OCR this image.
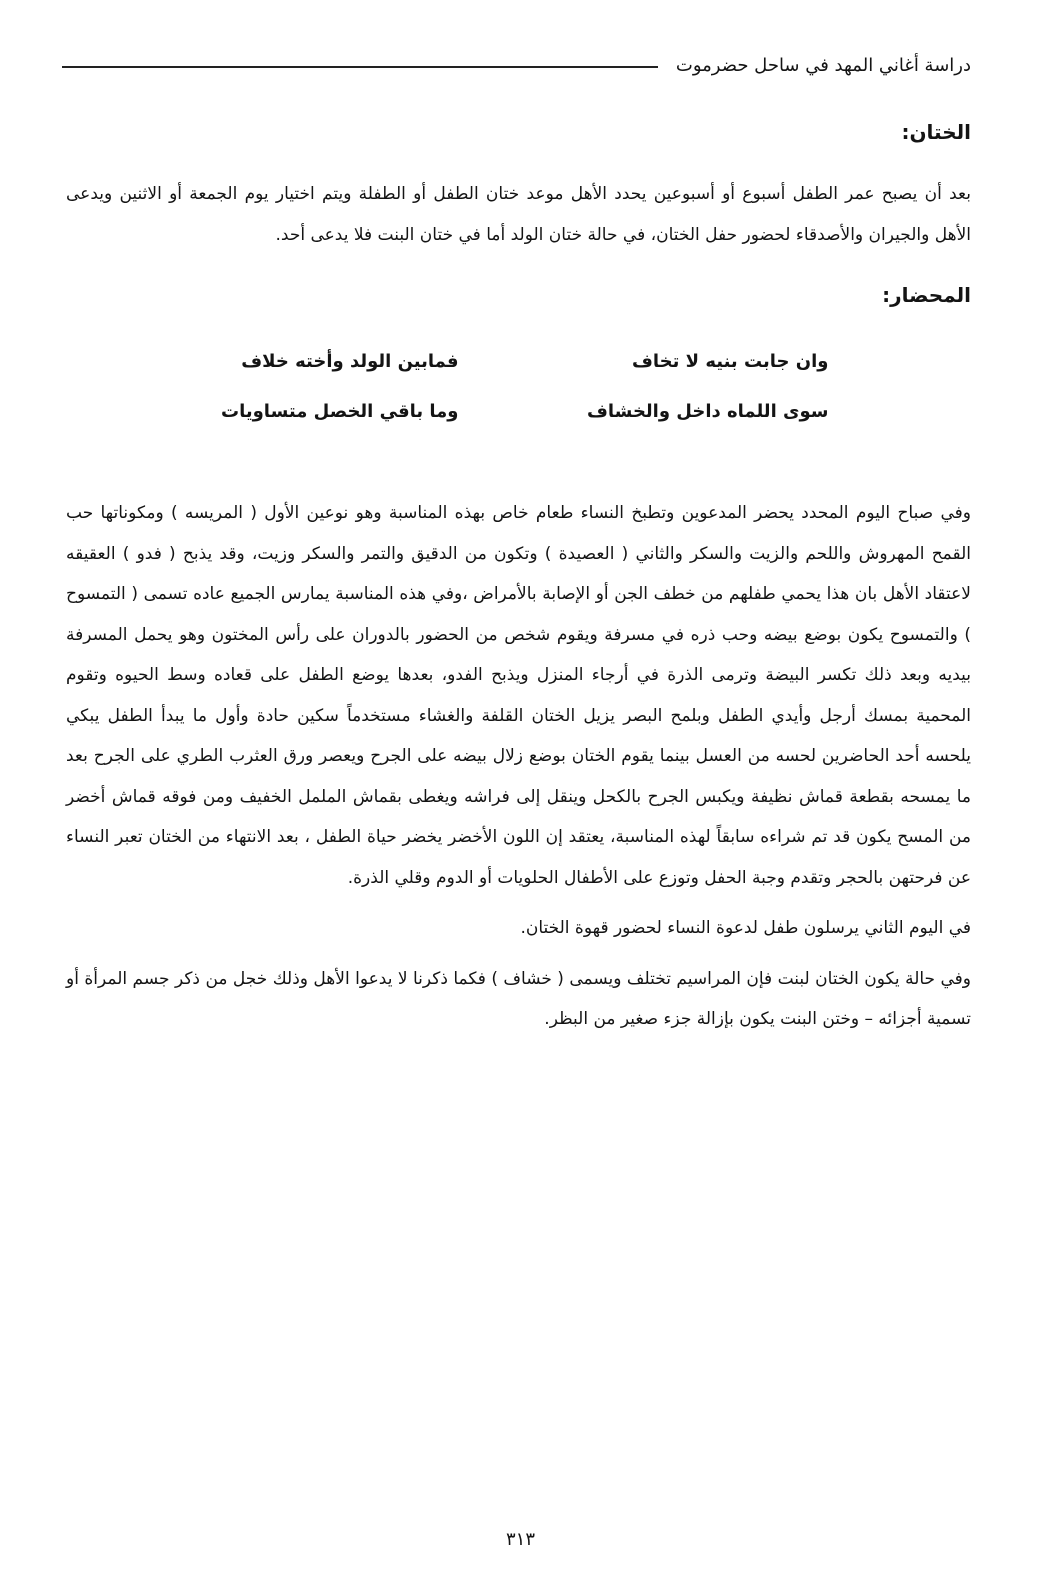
دراسة أغاني المهد في ساحل حضرموت
الختان:

بعد أن يصبح عمر الطفل أسبوع أو أسبوعين يحدد الأهل موعد ختان الطفل أو الطفلة ويتم اختيار يوم الجمعة أو الاثنين ويدعى الأهل والجيران والأصدقاء لحضور حفل الختان، في حالة ختان الولد أما في ختان البنت فلا يدعى أحد.

المحضار:
وان جابت بنيه لا تخاف
فمابين الولد وأخته خلاف
سوى اللماه داخل والخشاف
وما باقي الخصل متساويات

وفي صباح اليوم المحدد يحضر المدعوين وتطبخ النساء طعام خاص بهذه المناسبة وهو نوعين الأول ( المريسه ) ومكوناتها حب القمح المهروش واللحم والزيت والسكر والثاني ( العصيدة ) وتكون من الدقيق والتمر والسكر وزيت، وقد يذبح ( فدو ) العقيقه لاعتقاد الأهل بان هذا يحمي طفلهم من خطف الجن أو الإصابة بالأمراض ،وفي هذه المناسبة يمارس الجميع عاده تسمى ( التمسوح ) والتمسوح يكون بوضع بيضه وحب ذره في مسرفة ويقوم شخص من الحضور بالدوران على رأس المختون وهو يحمل المسرفة بيديه وبعد ذلك تكسر البيضة وترمى الذرة في أرجاء المنزل ويذبح الفدو، بعدها يوضع الطفل على قعاده وسط الحيوه وتقوم المحمية بمسك أرجل وأيدي الطفل وبلمح البصر يزيل الختان القلفة والغشاء مستخدماً سكين حادة وأول ما يبدأ الطفل يبكي يلحسه أحد الحاضرين لحسه من العسل بينما يقوم الختان بوضع زلال بيضه على الجرح ويعصر ورق العثرب الطري على الجرح بعد ما يمسحه بقطعة قماش نظيفة ويكبس الجرح بالكحل وينقل إلى فراشه ويغطى بقماش الململ الخفيف ومن فوقه قماش أخضر من المسح يكون قد تم شراءه سابقاً لهذه المناسبة، يعتقد إن اللون الأخضر يخضر حياة الطفل ، بعد الانتهاء من الختان تعبر النساء عن فرحتهن بالحجر وتقدم وجبة الحفل وتوزع على الأطفال الحلويات أو الدوم وقلي الذرة.

في اليوم الثاني يرسلون طفل لدعوة النساء لحضور قهوة الختان.

وفي حالة يكون الختان لبنت فإن المراسيم تختلف ويسمى ( خشاف ) فكما ذكرنا لا يدعوا الأهل وذلك خجل من ذكر جسم المرأة أو تسمية أجزائه – وختن البنت يكون بإزالة جزء صغير من البظر.

٣١٣
